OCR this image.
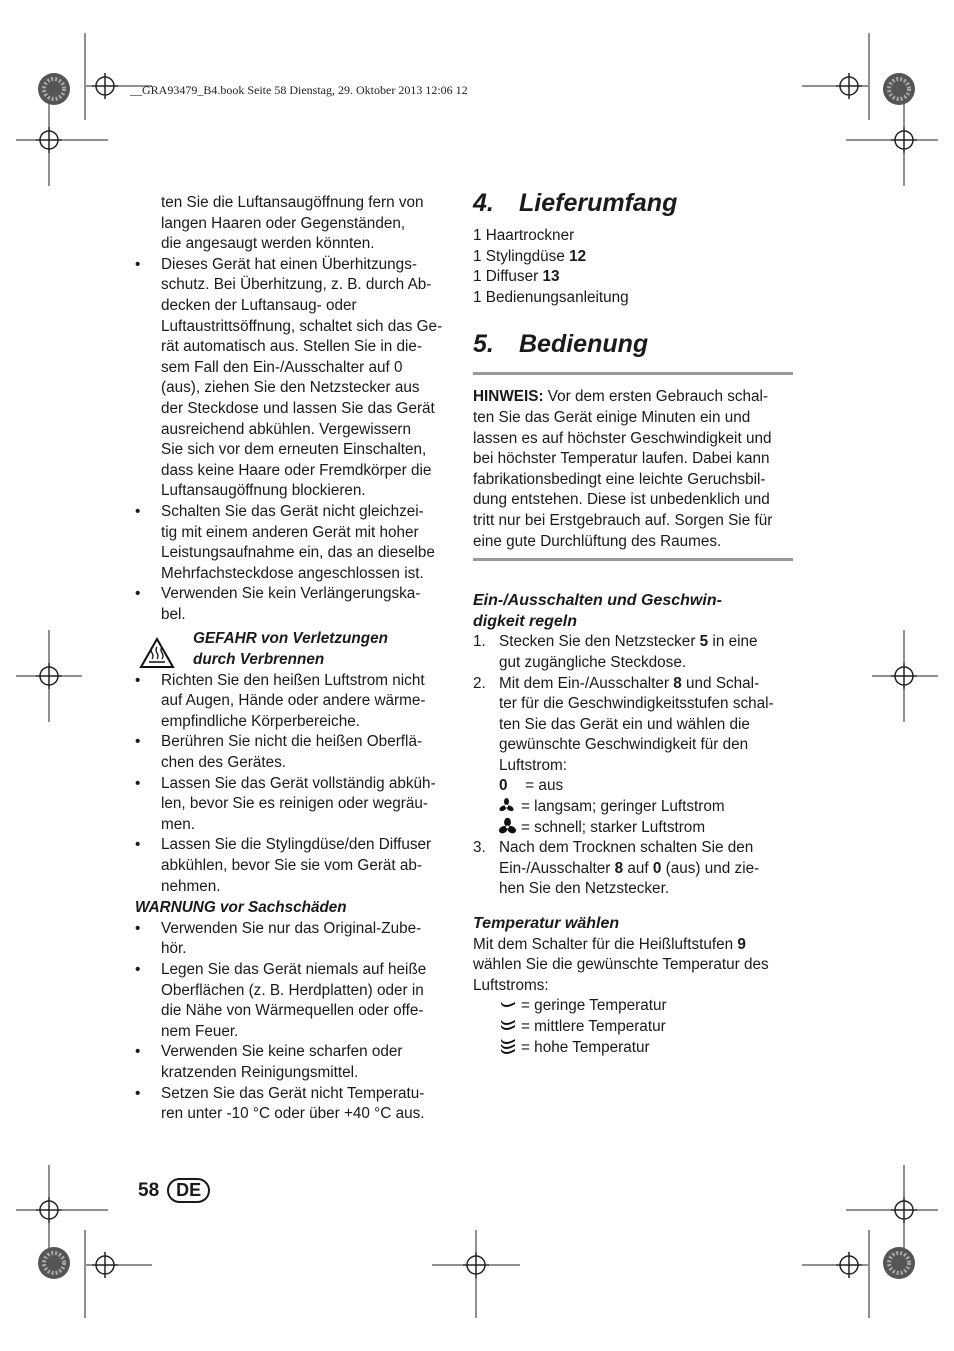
__GRA93479_B4.book Seite 58 Dienstag, 29. Oktober 2013 12:06 12

ten Sie die Luftansaugöffnung fern von

langen Haaren oder Gegenständen,

die angesaugt werden könnten.

• Dieses Gerät hat einen Überhitzungs-

schutz. Bei Überhitzung, z. B. durch Ab-

decken der Luftansaug- oder

Luftaustrittsöffnung, schaltet sich das Ge-

rät automatisch aus. Stellen Sie in die-

sem Fall den Ein-/Ausschalter auf 0

(aus), ziehen Sie den Netzstecker aus

der Steckdose und lassen Sie das Gerät

ausreichend abkühlen. Vergewissern

Sie sich vor dem erneuten Einschalten,

dass keine Haare oder Fremdkörper die

Luftansaugöffnung blockieren.

• Schalten Sie das Gerät nicht gleichzei-

tig mit einem anderen Gerät mit hoher

Leistungsaufnahme ein, das an dieselbe

Mehrfachsteckdose angeschlossen ist.

• Verwenden Sie kein Verlängerungska-

bel.

GEFAHR von Verletzungen

durch Verbrennen

• Richten Sie den heißen Luftstrom nicht

auf Augen, Hände oder andere wärme-

empfindliche Körperbereiche.

• Berühren Sie nicht die heißen Oberflä-

chen des Gerätes.

• Lassen Sie das Gerät vollständig abküh-

len, bevor Sie es reinigen oder wegräu-

men.

• Lassen Sie die Stylingdüse/den Diffuser

abkühlen, bevor Sie sie vom Gerät ab-

nehmen.

WARNUNG vor Sachschäden

• Verwenden Sie nur das Original-Zube-

hör.

• Legen Sie das Gerät niemals auf heiße

Oberflächen (z. B. Herdplatten) oder in

die Nähe von Wärmequellen oder offe-

nem Feuer.

• Verwenden Sie keine scharfen oder

kratzenden Reinigungsmittel.

• Setzen Sie das Gerät nicht Temperatu-

ren unter -10 °C oder über +40 °C aus.

4. Lieferumfang

1 Haartrockner

1 Stylingdüse 12

1 Diffuser 13

1 Bedienungsanleitung

5. Bedienung

HINWEIS: Vor dem ersten Gebrauch schal-

ten Sie das Gerät einige Minuten ein und

lassen es auf höchster Geschwindigkeit und

bei höchster Temperatur laufen. Dabei kann

fabrikationsbedingt eine leichte Geruchsbil-

dung entstehen. Diese ist unbedenklich und

tritt nur bei Erstgebrauch auf. Sorgen Sie für

eine gute Durchlüftung des Raumes.

Ein-/Ausschalten und Geschwin-

digkeit regeln

1. Stecken Sie den Netzstecker 5 in eine

gut zugängliche Steckdose.

2. Mit dem Ein-/Ausschalter 8 und Schal-

ter für die Geschwindigkeitsstufen schal-

ten Sie das Gerät ein und wählen die

gewünschte Geschwindigkeit für den

Luftstrom:

0 = aus
= langsam; geringer Luftstrom
= schnell; starker Luftstrom
3. Nach dem Trocknen schalten Sie den

Ein-/Ausschalter 8 auf 0 (aus) und zie-

hen Sie den Netzstecker.

Temperatur wählen

Mit dem Schalter für die Heißluftstufen 9

wählen Sie die gewünschte Temperatur des

Luftstroms:

= geringe Temperatur
= mittlere Temperatur
= hohe Temperatur
58 DE
